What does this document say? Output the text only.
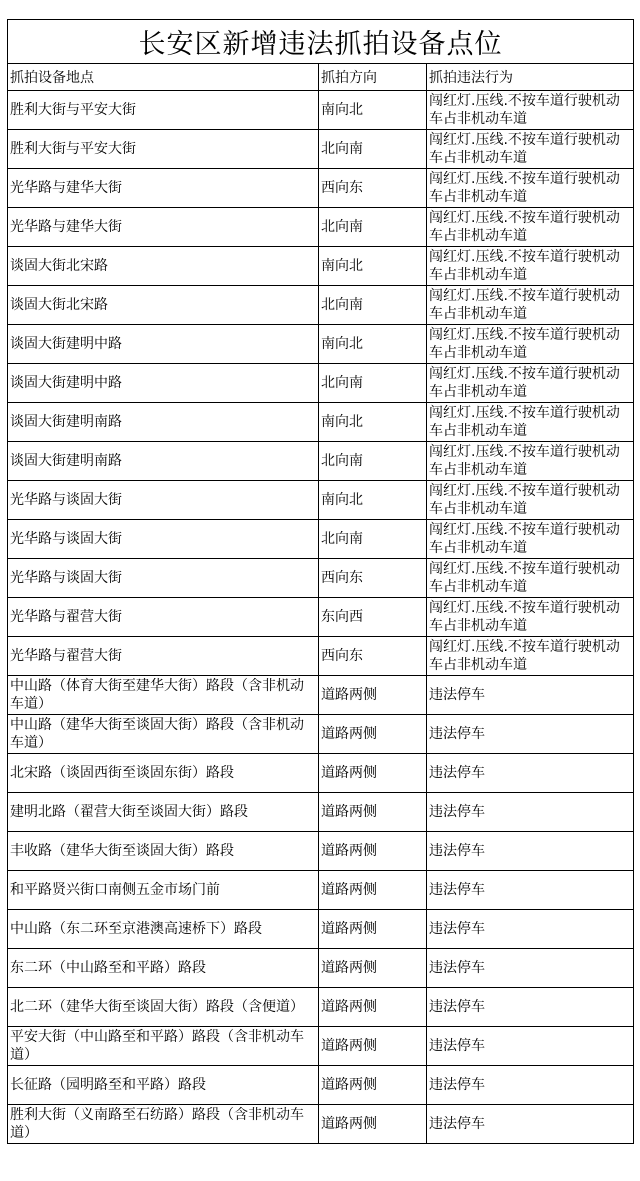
长安区新增违法抓拍设备点位		
抓拍设备地点	抓拍方向	抓拍违法行为
胜利大街与平安大街	南向北	闯红灯.压线.不按车道行驶机动车占非机动车道
胜利大街与平安大街	北向南	闯红灯.压线.不按车道行驶机动车占非机动车道
光华路与建华大街	西向东	闯红灯.压线.不按车道行驶机动车占非机动车道
光华路与建华大街	北向南	闯红灯.压线.不按车道行驶机动车占非机动车道
谈固大街北宋路	南向北	闯红灯.压线.不按车道行驶机动车占非机动车道
谈固大街北宋路	北向南	闯红灯.压线.不按车道行驶机动车占非机动车道
谈固大街建明中路	南向北	闯红灯.压线.不按车道行驶机动车占非机动车道
谈固大街建明中路	北向南	闯红灯.压线.不按车道行驶机动车占非机动车道
谈固大街建明南路	南向北	闯红灯.压线.不按车道行驶机动车占非机动车道
谈固大街建明南路	北向南	闯红灯.压线.不按车道行驶机动车占非机动车道
光华路与谈固大街	南向北	闯红灯.压线.不按车道行驶机动车占非机动车道
光华路与谈固大街	北向南	闯红灯.压线.不按车道行驶机动车占非机动车道
光华路与谈固大街	西向东	闯红灯.压线.不按车道行驶机动车占非机动车道
光华路与翟营大街	东向西	闯红灯.压线.不按车道行驶机动车占非机动车道
光华路与翟营大街	西向东	闯红灯.压线.不按车道行驶机动车占非机动车道
中山路（体育大街至建华大街）路段（含非机动车道）	道路两侧	违法停车
中山路（建华大街至谈固大街）路段（含非机动车道）	道路两侧	违法停车
北宋路（谈固西街至谈固东街）路段	道路两侧	违法停车
建明北路（翟营大街至谈固大街）路段	道路两侧	违法停车
丰收路（建华大街至谈固大街）路段	道路两侧	违法停车
和平路贤兴街口南侧五金市场门前	道路两侧	违法停车
中山路（东二环至京港澳高速桥下）路段	道路两侧	违法停车
东二环（中山路至和平路）路段	道路两侧	违法停车
北二环（建华大街至谈固大街）路段（含便道）	道路两侧	违法停车
平安大街（中山路至和平路）路段（含非机动车道）	道路两侧	违法停车
长征路（园明路至和平路）路段	道路两侧	违法停车
胜利大街（义南路至石纺路）路段（含非机动车道）	道路两侧	违法停车
